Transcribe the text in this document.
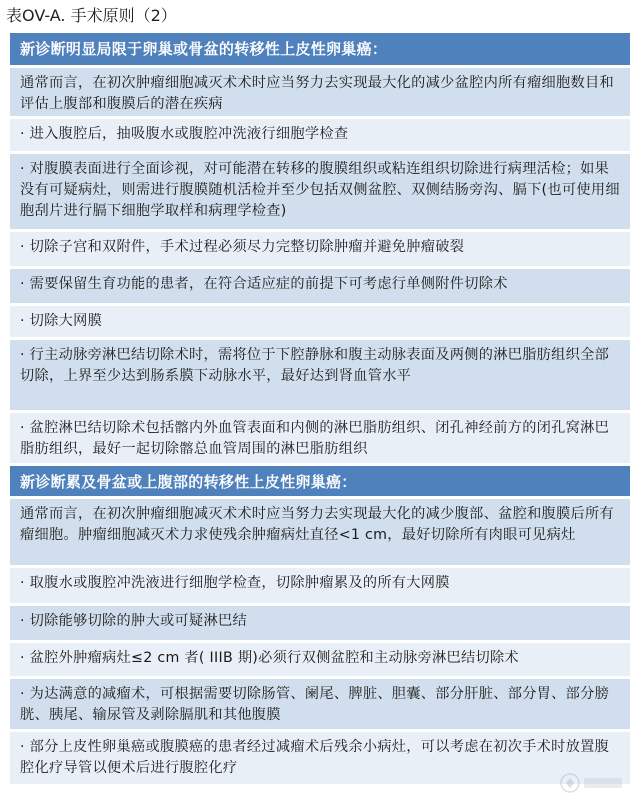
表OV-A. 手术原则（2）
新诊断明显局限于卵巢或骨盆的转移性上皮性卵巢癌：
通常而言，在初次肿瘤细胞减灭术术时应当努力去实现最大化的减少盆腔内所有瘤细胞数目和评估上腹部和腹膜后的潜在疾病
· 进入腹腔后，抽吸腹水或腹腔冲洗液行细胞学检查
· 对腹膜表面进行全面诊视，对可能潜在转移的腹膜组织或粘连组织切除进行病理活检；如果没有可疑病灶，则需进行腹膜随机活检并至少包括双侧盆腔、双侧结肠旁沟、膈下(也可使用细胞刮片进行膈下细胞学取样和病理学检查)
· 切除子宫和双附件，手术过程必须尽力完整切除肿瘤并避免肿瘤破裂
· 需要保留生育功能的患者，在符合适应症的前提下可考虑行单侧附件切除术
· 切除大网膜
· 行主动脉旁淋巴结切除术时，需将位于下腔静脉和腹主动脉表面及两侧的淋巴脂肪组织全部切除，上界至少达到肠系膜下动脉水平，最好达到肾血管水平
· 盆腔淋巴结切除术包括髂内外血管表面和内侧的淋巴脂肪组织、闭孔神经前方的闭孔窝淋巴脂肪组织，最好一起切除髂总血管周围的淋巴脂肪组织
新诊断累及骨盆或上腹部的转移性上皮性卵巢癌：
通常而言，在初次肿瘤细胞减灭术术时应当努力去实现最大化的减少腹部、盆腔和腹膜后所有瘤细胞。肿瘤细胞减灭术力求使残余肿瘤病灶直径<1 cm，最好切除所有肉眼可见病灶
· 取腹水或腹腔冲洗液进行细胞学检查，切除肿瘤累及的所有大网膜
· 切除能够切除的肿大或可疑淋巴结
· 盆腔外肿瘤病灶≤2 cm 者( IIIB 期)必须行双侧盆腔和主动脉旁淋巴结切除术
· 为达满意的减瘤术，可根据需要切除肠管、阑尾、脾脏、胆囊、部分肝脏、部分胃、部分膀胱、胰尾、输尿管及剥除膈肌和其他腹膜
· 部分上皮性卵巢癌或腹膜癌的患者经过减瘤术后残余小病灶，可以考虑在初次手术时放置腹腔化疗导管以便术后进行腹腔化疗
